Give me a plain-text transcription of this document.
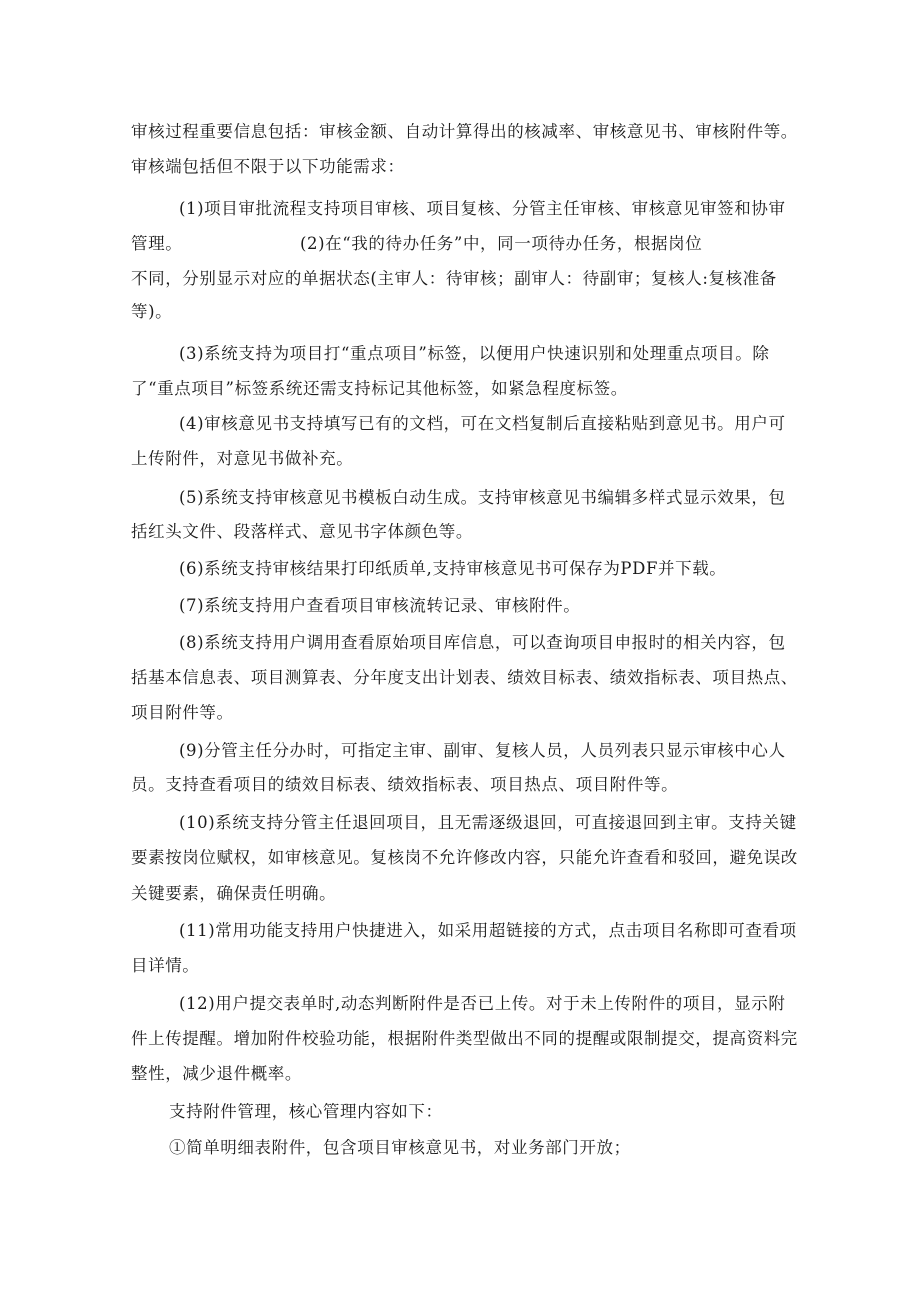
审核过程重要信息包括：审核金额、自动计算得出的核减率、审核意见书、审核附件等。
审核端包括但不限于以下功能需求：
(1)项目审批流程支持项目审核、项目复核、分管主任审核、审核意见审签和协审
管理。	(2)在“我的待办任务”中，同一项待办任务，根据岗位
不同，分别显示对应的单据状态(主审人：待审核；副审人：待副审；复核人:复核准备
等)。
(3)系统支持为项目打“重点项目”标签，以便用户快速识别和处理重点项目。除
了“重点项目”标签系统还需支持标记其他标签，如紧急程度标签。
(4)审核意见书支持填写已有的文档，可在文档复制后直接粘贴到意见书。用户可
上传附件，对意见书做补充。
(5)系统支持审核意见书模板白动生成。支持审核意见书编辑多样式显示效果，包
括红头文件、段落样式、意见书字体颜色等。
(6)系统支持审核结果打印纸质单,支持审核意见书可保存为PDF并下载。
(7)系统支持用户查看项目审核流转记录、审核附件。
(8)系统支持用户调用查看原始项目库信息，可以查询项目申报时的相关内容，包
括基本信息表、项目测算表、分年度支出计划表、绩效目标表、绩效指标表、项目热点、
项目附件等。
(9)分管主任分办时，可指定主审、副审、复核人员，人员列表只显示审核中心人
员。支持查看项目的绩效目标表、绩效指标表、项目热点、项目附件等。
(10)系统支持分管主任退回项目，且无需逐级退回，可直接退回到主审。支持关键
要素按岗位赋权，如审核意见。复核岗不允许修改内容，只能允许查看和驳回，避免误改
关键要素，确保责任明确。
(11)常用功能支持用户快捷进入，如采用超链接的方式，点击项目名称即可查看项
目详情。
(12)用户提交表单时,动态判断附件是否已上传。对于未上传附件的项目，显示附
件上传提醒。增加附件校验功能，根据附件类型做出不同的提醒或限制提交，提高资料完
整性，减少退件概率。
支持附件管理，核心管理内容如下：
①简单明细表附件，包含项目审核意见书，对业务部门开放；
